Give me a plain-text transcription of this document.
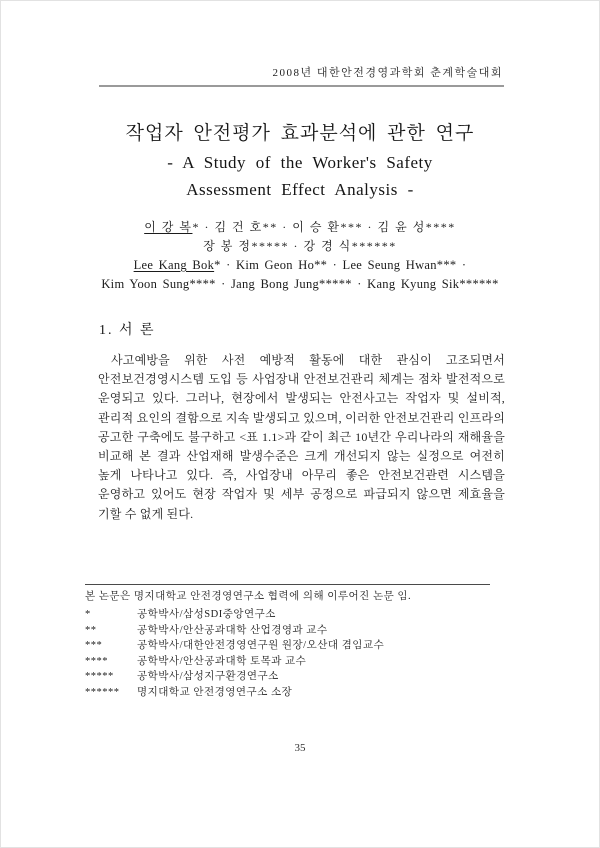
2008년 대한안전경영과학회 춘계학술대회
작업자 안전평가 효과분석에 관한 연구
- A Study of the Worker's Safety
Assessment Effect Analysis -
이 강 복* · 김 건 호** · 이 승 환*** · 김 윤 성****
장 봉 정***** · 강 경 식******
Lee Kang Bok* · Kim Geon Ho** · Lee Seung Hwan*** ·
Kim Yoon Sung**** · Jang Bong Jung***** · Kang Kyung Sik******
1. 서 론

사고예방을 위한 사전 예방적 활동에 대한 관심이 고조되면서 안전보건경영시스템 도입 등 사업장내 안전보건관리 체계는 점차 발전적으로 운영되고 있다. 그러나, 현장에서 발생되는 안전사고는 작업자 및 설비적, 관리적 요인의 결함으로 지속 발생되고 있으며, 이러한 안전보건관리 인프라의 공고한 구축에도 불구하고 <표 1.1>과 같이 최근 10년간 우리나라의 재해율을 비교해 본 결과 산업재해 발생수준은 크게 개선되지 않는 실정으로 여전히 높게 나타나고 있다. 즉, 사업장내 아무리 좋은 안전보건관련 시스템을 운영하고 있어도 현장 작업자 및 세부 공정으로 파급되지 않으면 제효율을 기할 수 없게 된다.

본 논문은 명지대학교 안전경영연구소 협력에 의해 이루어진 논문 임.
*	공학박사/삼성SDI중앙연구소
**	공학박사/안산공과대학 산업경영과 교수
***	공학박사/대한안전경영연구원 원장/오산대 겸임교수
****	공학박사/안산공과대학 토목과 교수
*****	공학박사/삼성지구환경연구소
******	명지대학교 안전경영연구소 소장
35
